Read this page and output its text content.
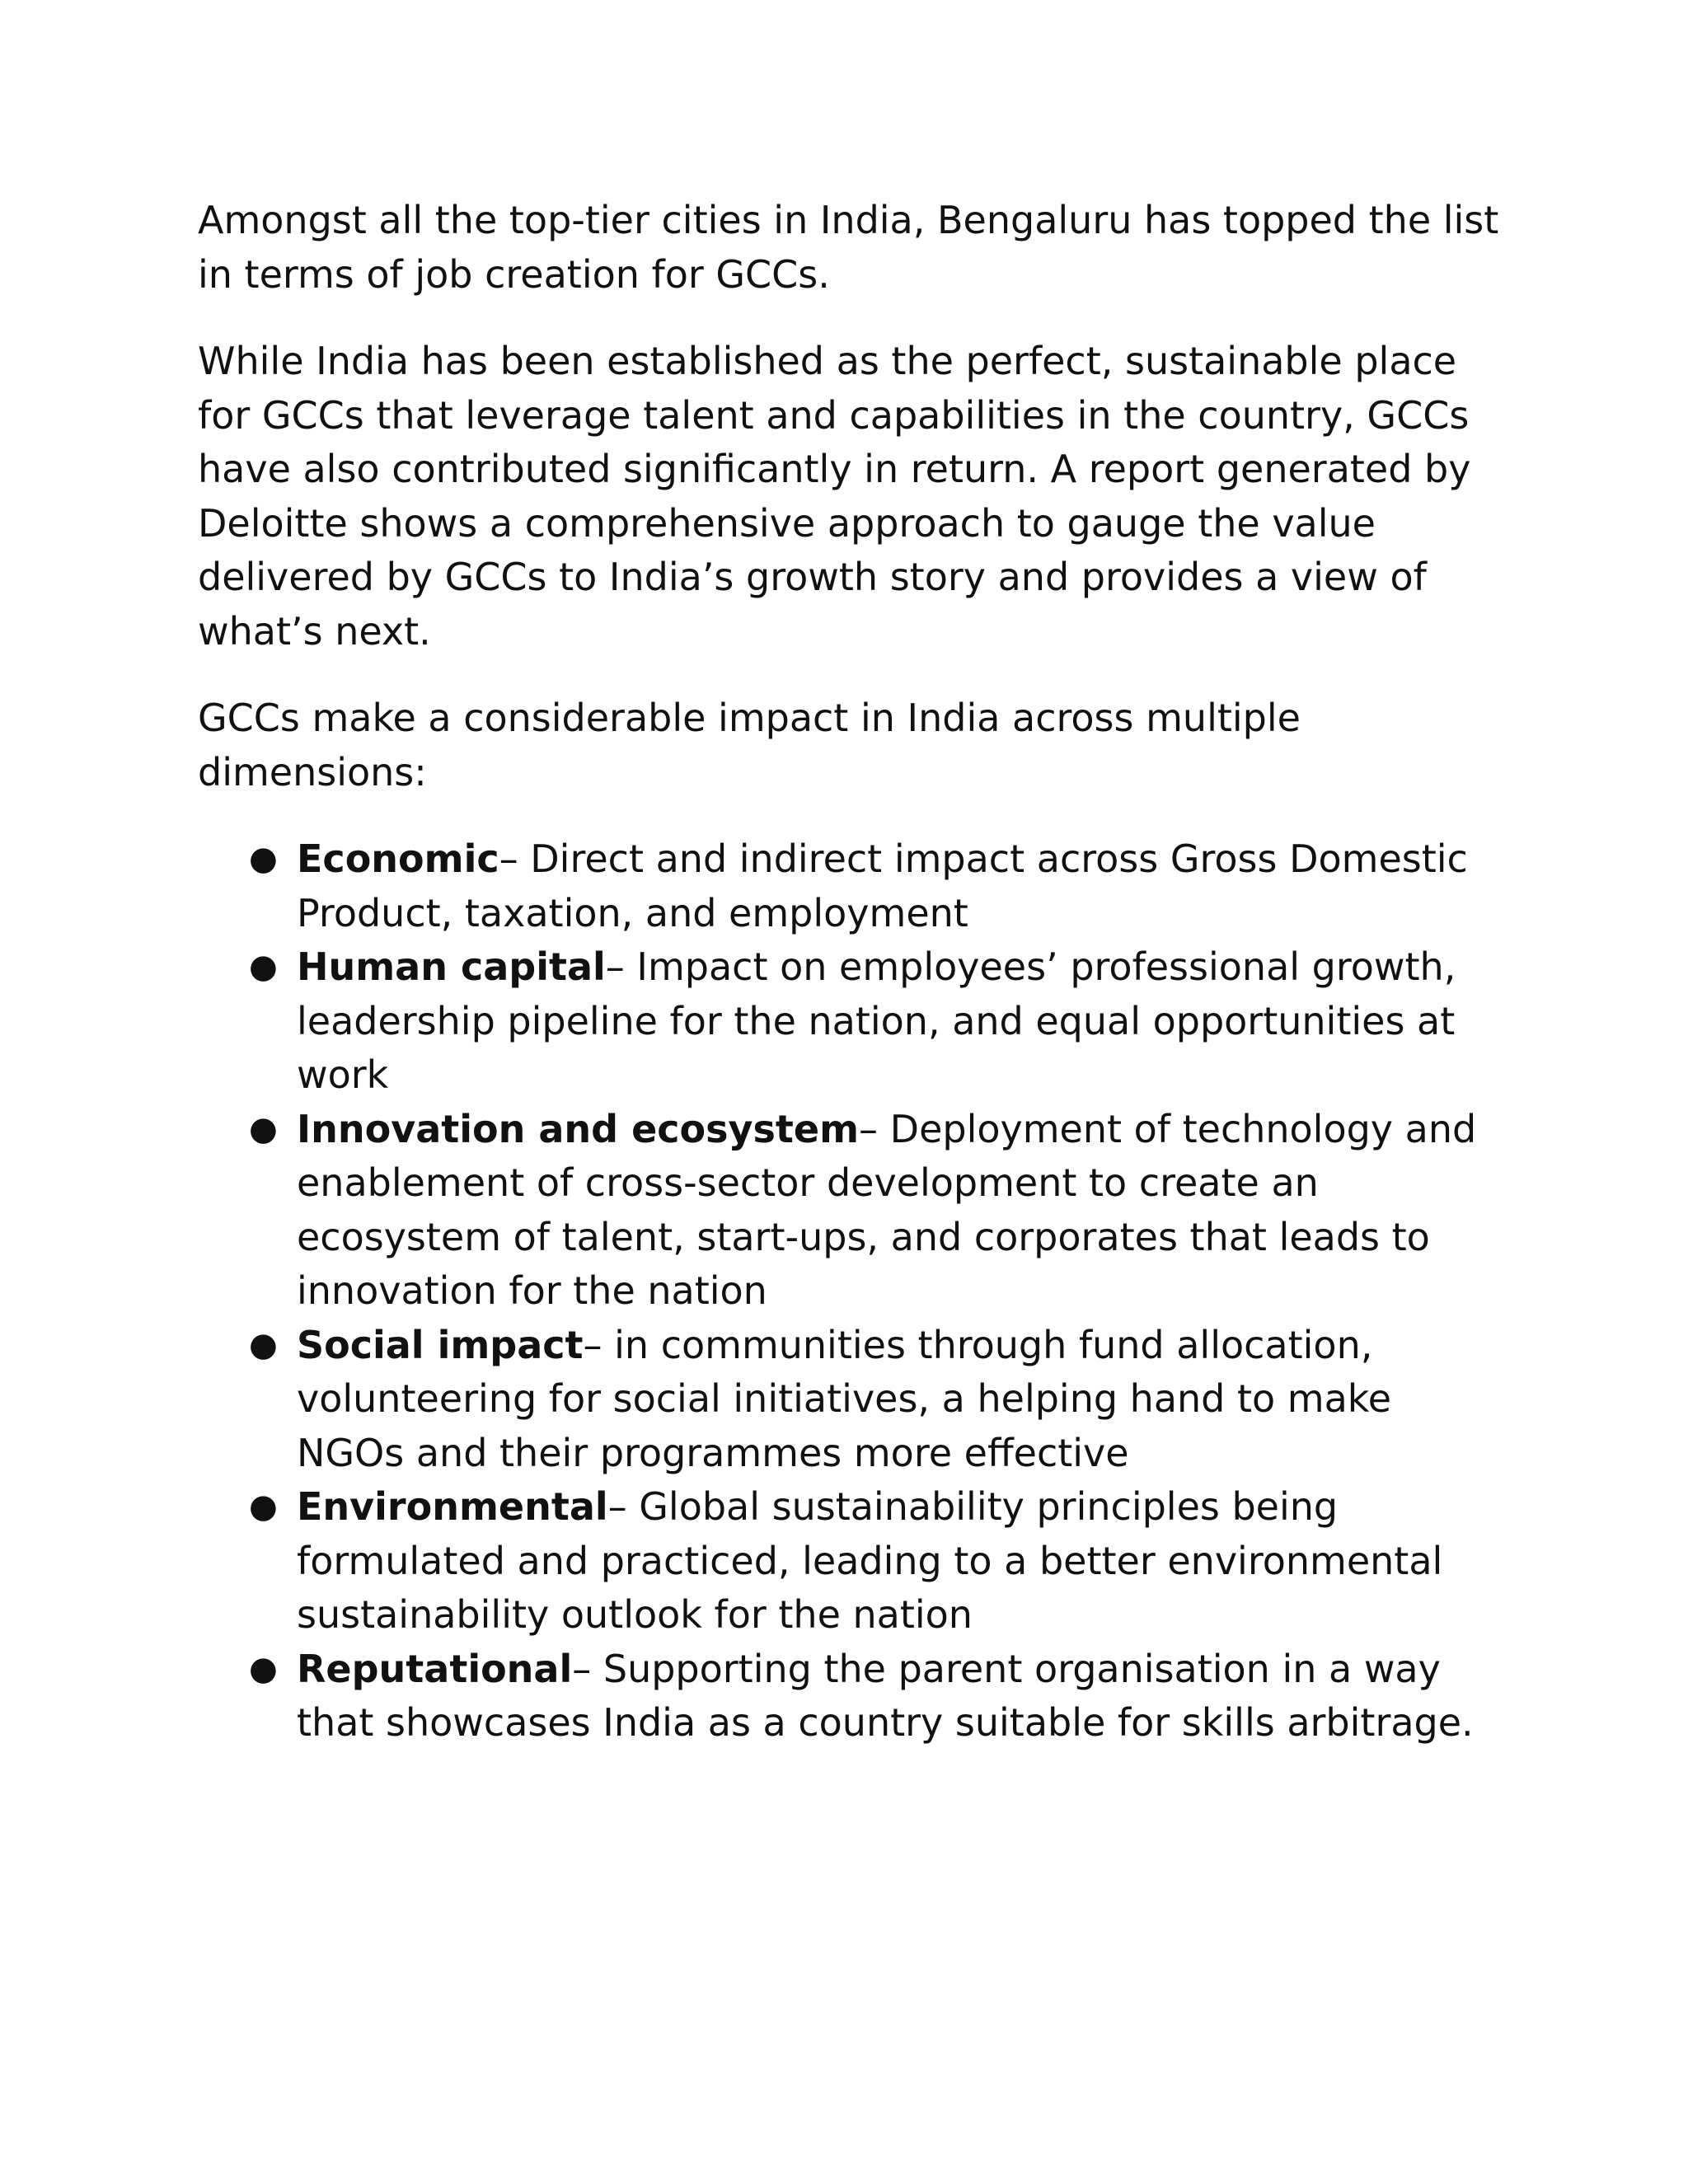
Amongst all the top-tier cities in India, Bengaluru has topped the list in terms of job creation for GCCs.

While India has been established as the perfect, sustainable place for GCCs that leverage talent and capabilities in the country, GCCs have also contributed significantly in return. A report generated by Deloitte shows a comprehensive approach to gauge the value delivered by GCCs to India’s growth story and provides a view of what’s next.

GCCs make a considerable impact in India across multiple dimensions:

● Economic– Direct and indirect impact across Gross Domestic Product, taxation, and employment
● Human capital– Impact on employees’ professional growth, leadership pipeline for the nation, and equal opportunities at work
● Innovation and ecosystem– Deployment of technology and enablement of cross-sector development to create an ecosystem of talent, start-ups, and corporates that leads to innovation for the nation
● Social impact– in communities through fund allocation, volunteering for social initiatives, a helping hand to make NGOs and their programmes more effective
● Environmental– Global sustainability principles being formulated and practiced, leading to a better environmental sustainability outlook for the nation
● Reputational– Supporting the parent organisation in a way that showcases India as a country suitable for skills arbitrage.
